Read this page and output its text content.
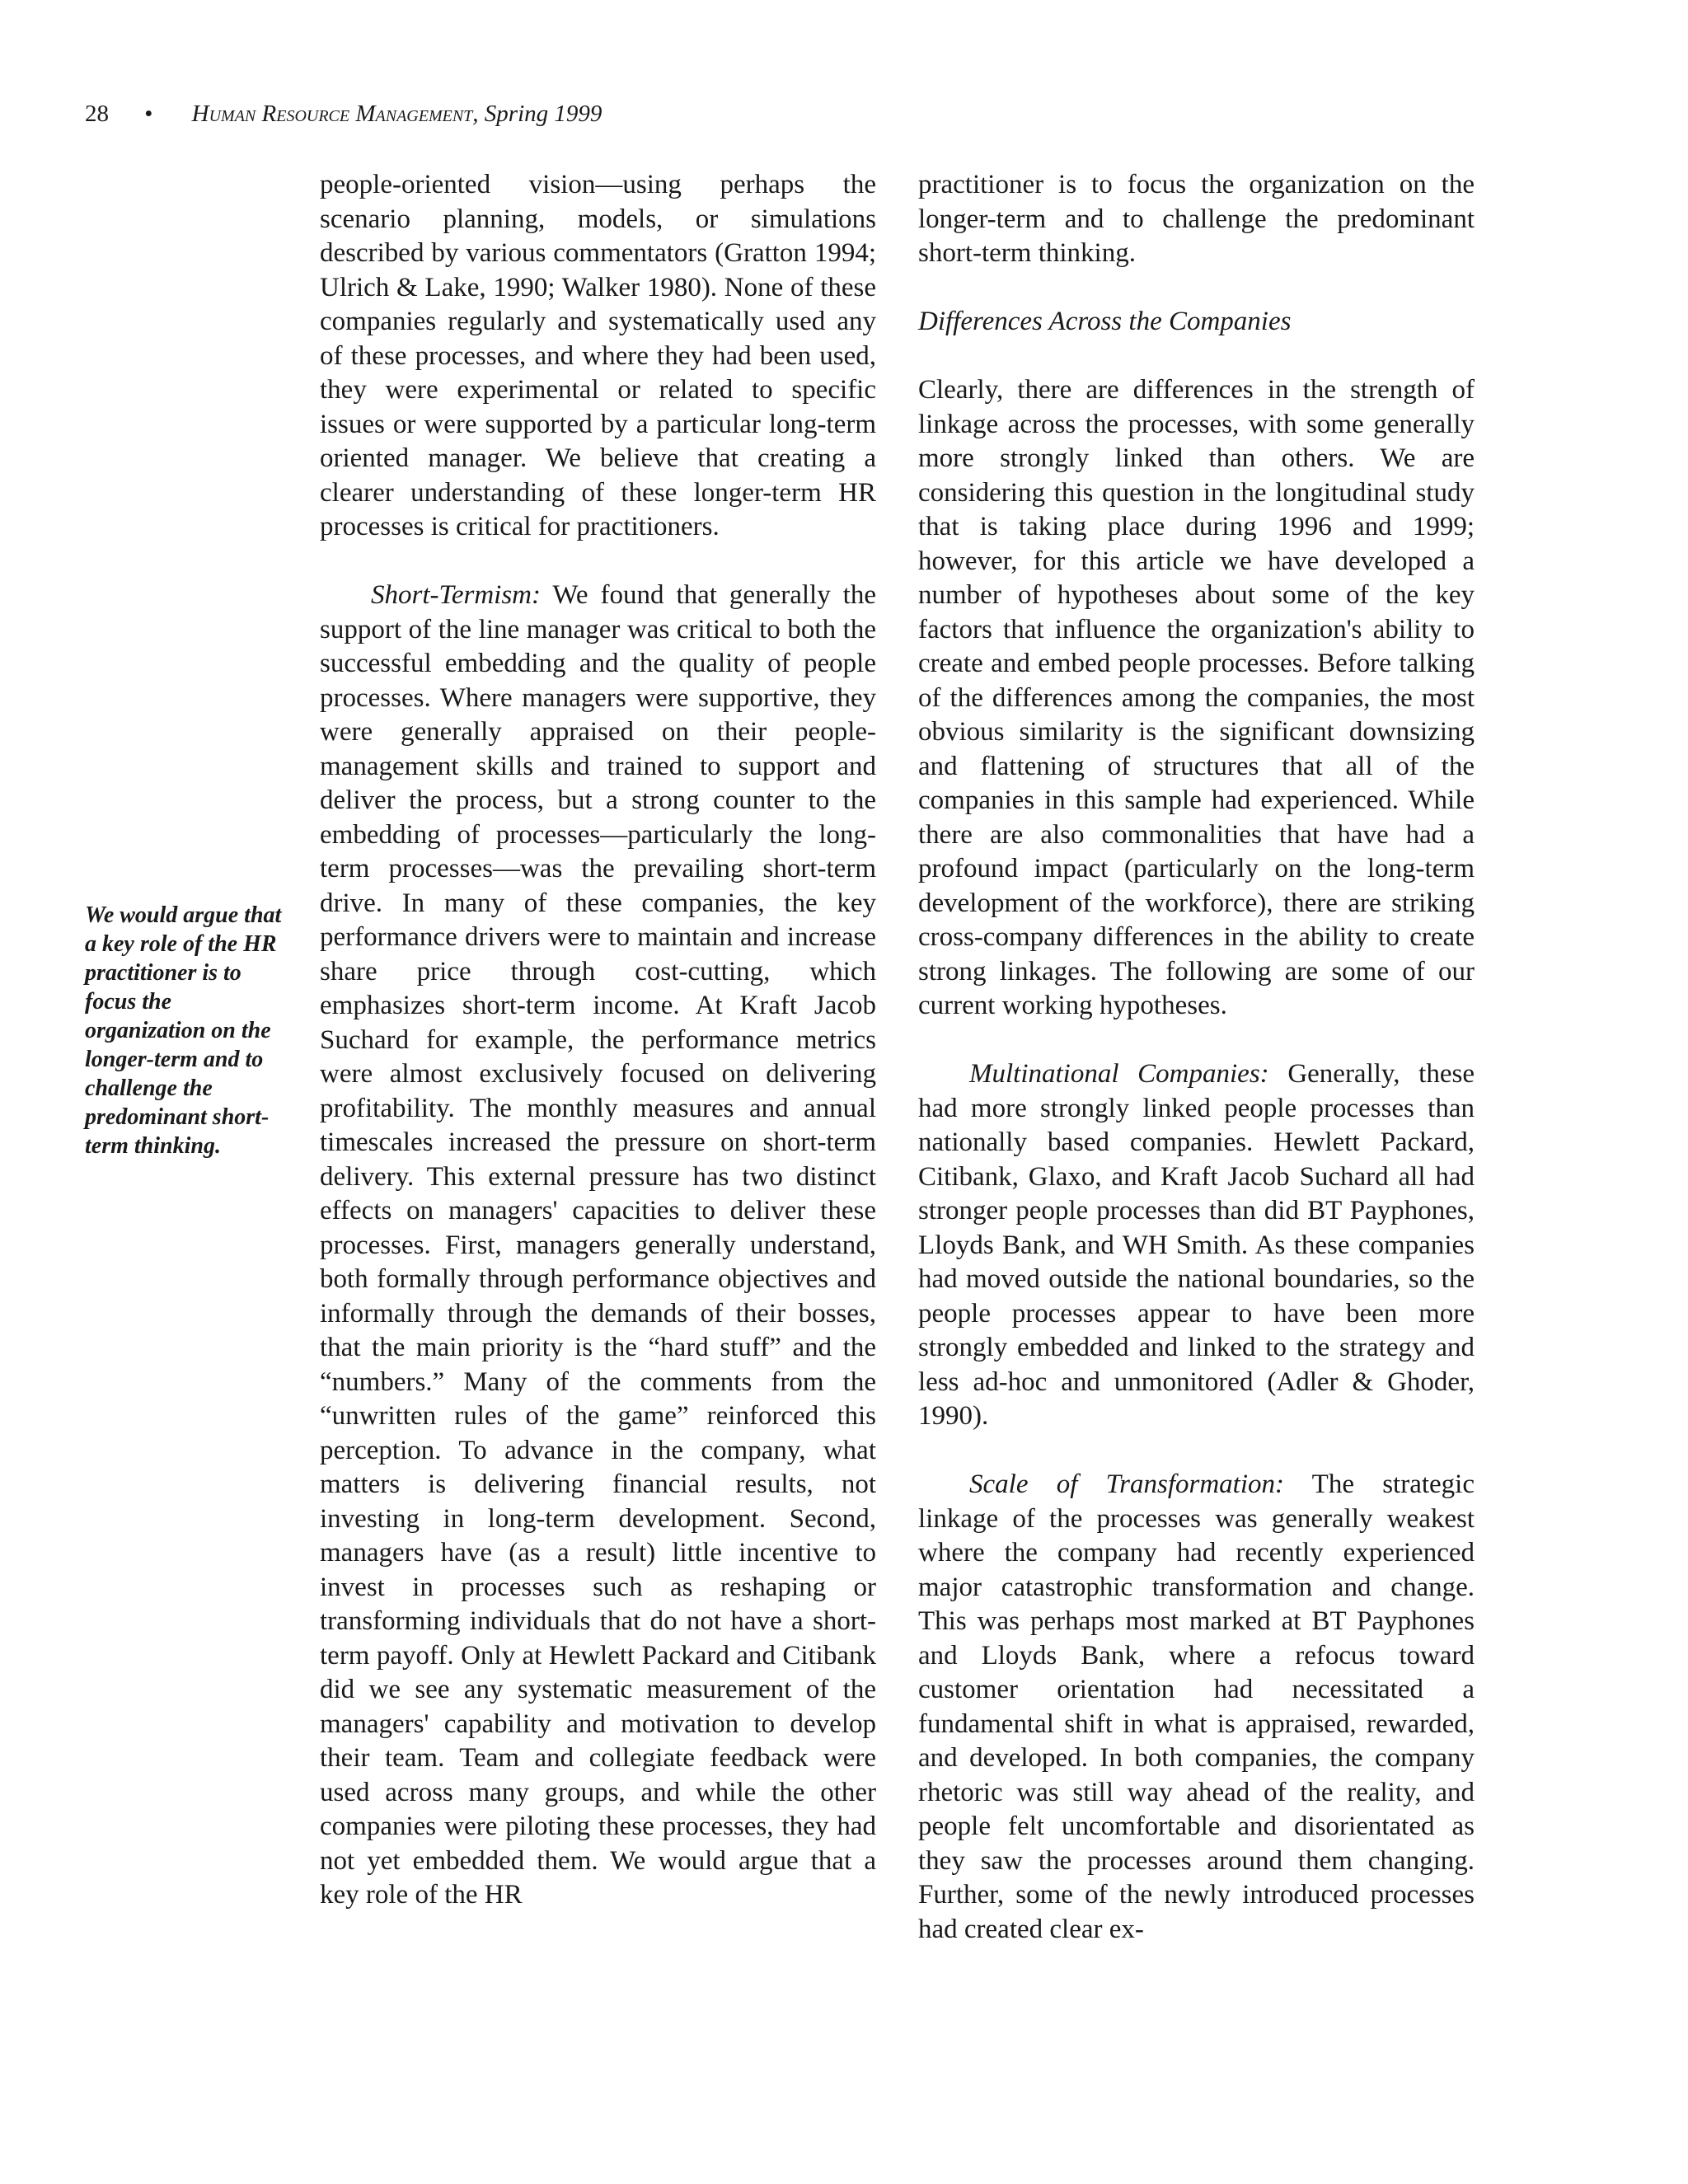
28 • Human Resource Management, Spring 1999
We would argue that a key role of the HR practitioner is to focus the organization on the longer-term and to challenge the predominant short-term thinking.

people-oriented vision—using perhaps the scenario planning, models, or simulations described by various commentators (Gratton 1994; Ulrich & Lake, 1990; Walker 1980). None of these companies regularly and systematically used any of these processes, and where they had been used, they were experimental or related to specific issues or were supported by a particular long-term oriented manager. We believe that creating a clearer understanding of these longer-term HR processes is critical for practitioners.

Short-Termism: We found that generally the support of the line manager was critical to both the successful embedding and the quality of people processes. Where managers were supportive, they were generally appraised on their people-management skills and trained to support and deliver the process, but a strong counter to the embedding of processes—particularly the long-term processes—was the prevailing short-term drive. In many of these companies, the key performance drivers were to maintain and increase share price through cost-cutting, which emphasizes short-term income. At Kraft Jacob Suchard for example, the performance metrics were almost exclusively focused on delivering profitability. The monthly measures and annual timescales increased the pressure on short-term delivery. This external pressure has two distinct effects on managers' capacities to deliver these processes. First, managers generally understand, both formally through performance objectives and informally through the demands of their bosses, that the main priority is the “hard stuff” and the “numbers.” Many of the comments from the “unwritten rules of the game” reinforced this perception. To advance in the company, what matters is delivering financial results, not investing in long-term development. Second, managers have (as a result) little incentive to invest in processes such as reshaping or transforming individuals that do not have a short-term payoff. Only at Hewlett Packard and Citibank did we see any systematic measurement of the managers' capability and motivation to develop their team. Team and collegiate feedback were used across many groups, and while the other companies were piloting these processes, they had not yet embedded them. We would argue that a key role of the HR

practitioner is to focus the organization on the longer-term and to challenge the predominant short-term thinking.

Differences Across the Companies

Clearly, there are differences in the strength of linkage across the processes, with some generally more strongly linked than others. We are considering this question in the longitudinal study that is taking place during 1996 and 1999; however, for this article we have developed a number of hypotheses about some of the key factors that influence the organization's ability to create and embed people processes. Before talking of the differences among the companies, the most obvious similarity is the significant downsizing and flattening of structures that all of the companies in this sample had experienced. While there are also commonalities that have had a profound impact (particularly on the long-term development of the workforce), there are striking cross-company differences in the ability to create strong linkages. The following are some of our current working hypotheses.

Multinational Companies: Generally, these had more strongly linked people processes than nationally based companies. Hewlett Packard, Citibank, Glaxo, and Kraft Jacob Suchard all had stronger people processes than did BT Payphones, Lloyds Bank, and WH Smith. As these companies had moved outside the national boundaries, so the people processes appear to have been more strongly embedded and linked to the strategy and less ad-hoc and unmonitored (Adler & Ghoder, 1990).

Scale of Transformation: The strategic linkage of the processes was generally weakest where the company had recently experienced major catastrophic transformation and change. This was perhaps most marked at BT Payphones and Lloyds Bank, where a refocus toward customer orientation had necessitated a fundamental shift in what is appraised, rewarded, and developed. In both companies, the company rhetoric was still way ahead of the reality, and people felt uncomfortable and disorientated as they saw the processes around them changing. Further, some of the newly introduced processes had created clear ex-
